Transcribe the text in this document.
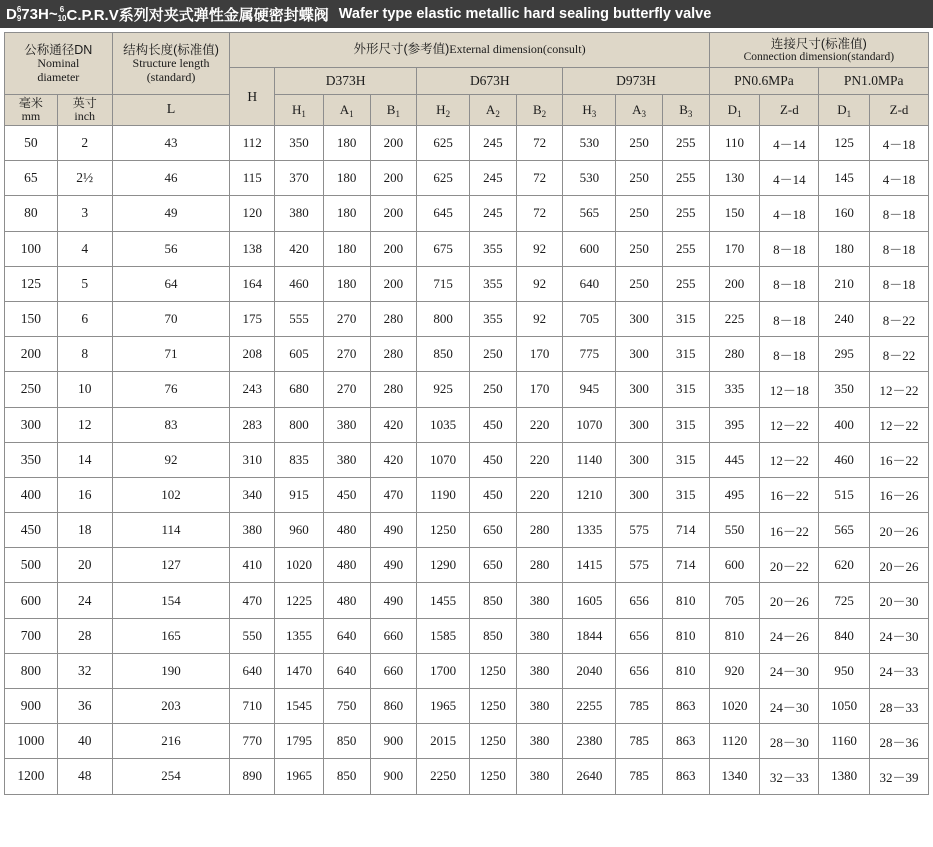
D 6
9 73H~ 6
10 C.P.R.V系列对夹式弹性金属硬密封蝶阀 Wafer type elastic metallic hard sealing butterfly valve
公称通径DN
Nominal
diameter		结构长度(标准值)
Structure length
(standard)	外形尺寸(参考值)External dimension(consult)										连接尺寸(标准值)
Connection dimension(standard)			

			H	D373H			D673H			D973H			PN0.6MPa		PN1.0MPa	

毫米
mm	英寸
inch	L		$H_1$	$A_1$	$B_1$	$H_2$	$A_2$	$B_2$	$H_3$	$A_3$	$B_3$	$D_1$	Z-d	$D_1$	Z-d
50	2	43	112	350	180	200	625	245	72	530	250	255	110	4－14	125	4－18
65	2½	46	115	370	180	200	625	245	72	530	250	255	130	4－14	145	4－18
80	3	49	120	380	180	200	645	245	72	565	250	255	150	4－18	160	8－18
100	4	56	138	420	180	200	675	355	92	600	250	255	170	8－18	180	8－18
125	5	64	164	460	180	200	715	355	92	640	250	255	200	8－18	210	8－18
150	6	70	175	555	270	280	800	355	92	705	300	315	225	8－18	240	8－22
200	8	71	208	605	270	280	850	250	170	775	300	315	280	8－18	295	8－22
250	10	76	243	680	270	280	925	250	170	945	300	315	335	12－18	350	12－22
300	12	83	283	800	380	420	1035	450	220	1070	300	315	395	12－22	400	12－22
350	14	92	310	835	380	420	1070	450	220	1140	300	315	445	12－22	460	16－22
400	16	102	340	915	450	470	1190	450	220	1210	300	315	495	16－22	515	16－26
450	18	114	380	960	480	490	1250	650	280	1335	575	714	550	16－22	565	20－26
500	20	127	410	1020	480	490	1290	650	280	1415	575	714	600	20－22	620	20－26
600	24	154	470	1225	480	490	1455	850	380	1605	656	810	705	20－26	725	20－30
700	28	165	550	1355	640	660	1585	850	380	1844	656	810	810	24－26	840	24－30
800	32	190	640	1470	640	660	1700	1250	380	2040	656	810	920	24－30	950	24－33
900	36	203	710	1545	750	860	1965	1250	380	2255	785	863	1020	24－30	1050	28－33
1000	40	216	770	1795	850	900	2015	1250	380	2380	785	863	1120	28－30	1160	28－36
1200	48	254	890	1965	850	900	2250	1250	380	2640	785	863	1340	32－33	1380	32－39
